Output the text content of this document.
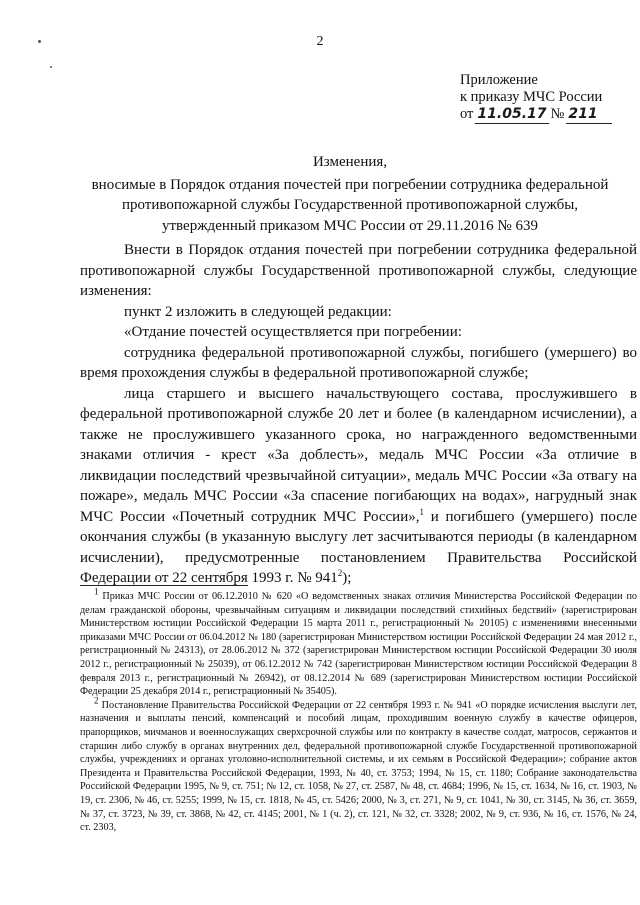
2
Приложение
к приказу МЧС России
от 11.05.17 № 211
Изменения,
вносимые в Порядок отдания почестей при погребении сотрудника федеральной
противопожарной службы Государственной противопожарной службы,
утвержденный приказом МЧС России от 29.11.2016 № 639

Внести в Порядок отдания почестей при погребении сотрудника федеральной противопожарной службы Государственной противопожарной службы, следующие изменения:

пункт 2 изложить в следующей редакции:

«Отдание почестей осуществляется при погребении:

сотрудника федеральной противопожарной службы, погибшего (умершего) во время прохождения службы в федеральной противопожарной службе;

лица старшего и высшего начальствующего состава, прослужившего в федеральной противопожарной службе 20 лет и более (в календарном исчислении), а также не прослужившего указанного срока, но награжденного ведомственными знаками отличия - крест «За доблесть», медаль МЧС России «За отличие в ликвидации последствий чрезвычайной ситуации», медаль МЧС России «За отвагу на пожаре», медаль МЧС России «За спасение погибающих на водах», нагрудный знак МЧС России «Почетный сотрудник МЧС России»,$^1$ и погибшего (умершего) после окончания службы (в указанную выслугу лет засчитываются периоды (в календарном исчислении), предусмотренные постановлением Правительства Российской Федерации от 22 сентября 1993 г. № $941^2$);

$^1$ Приказ МЧС России от 06.12.2010 № 620 «О ведомственных знаках отличия Министерства Российской Федерации по делам гражданской обороны, чрезвычайным ситуациям и ликвидации последствий стихийных бедствий» (зарегистрирован Министерством юстиции Российской Федерации 15 марта 2011 г., регистрационный № 20105) с изменениями внесенными приказами МЧС России от 06.04.2012 № 180 (зарегистрирован Министерством юстиции Российской Федерации 24 мая 2012 г., регистрационный № 24313), от 28.06.2012 № 372 (зарегистрирован Министерством юстиции Российской Федерации 30 июля 2012 г., регистрационный № 25039), от 06.12.2012 № 742 (зарегистрирован Министерством юстиции Российской Федерации 8 февраля 2013 г., регистрационный № 26942), от 08.12.2014 № 689 (зарегистрирован Министерством юстиции Российской Федерации 25 декабря 2014 г., регистрационный № 35405).

$^2$ Постановление Правительства Российской Федерации от 22 сентября 1993 г. № 941 «О порядке исчисления выслуги лет, назначения и выплаты пенсий, компенсаций и пособий лицам, проходившим военную службу в качестве офицеров, прапорщиков, мичманов и военнослужащих сверхсрочной службы или по контракту в качестве солдат, матросов, сержантов и старшин либо службу в органах внутренних дел, федеральной противопожарной службе Государственной противопожарной службы, учреждениях и органах уголовно-исполнительной системы, и их семьям в Российской Федерации»; собрание актов Президента и Правительства Российской Федерации, 1993, № 40, ст. 3753; 1994, № 15, ст. 1180; Собрание законодательства Российской Федерации 1995, № 9, ст. 751; № 12, ст. 1058, № 27, ст. 2587, № 48, ст. 4684; 1996, № 15, ст. 1634, № 16, ст. 1903, № 19, ст. 2306, № 46, ст. 5255; 1999, № 15, ст. 1818, № 45, ст. 5426; 2000, № 3, ст. 271, № 9, ст. 1041, № 30, ст. 3145, № 36, ст. 3659, № 37, ст. 3723, № 39, ст. 3868, № 42, ст. 4145; 2001, № 1 (ч. 2), ст. 121, № 32, ст. 3328; 2002, № 9, ст. 936, № 16, ст. 1576, № 24, ст. 2303,
